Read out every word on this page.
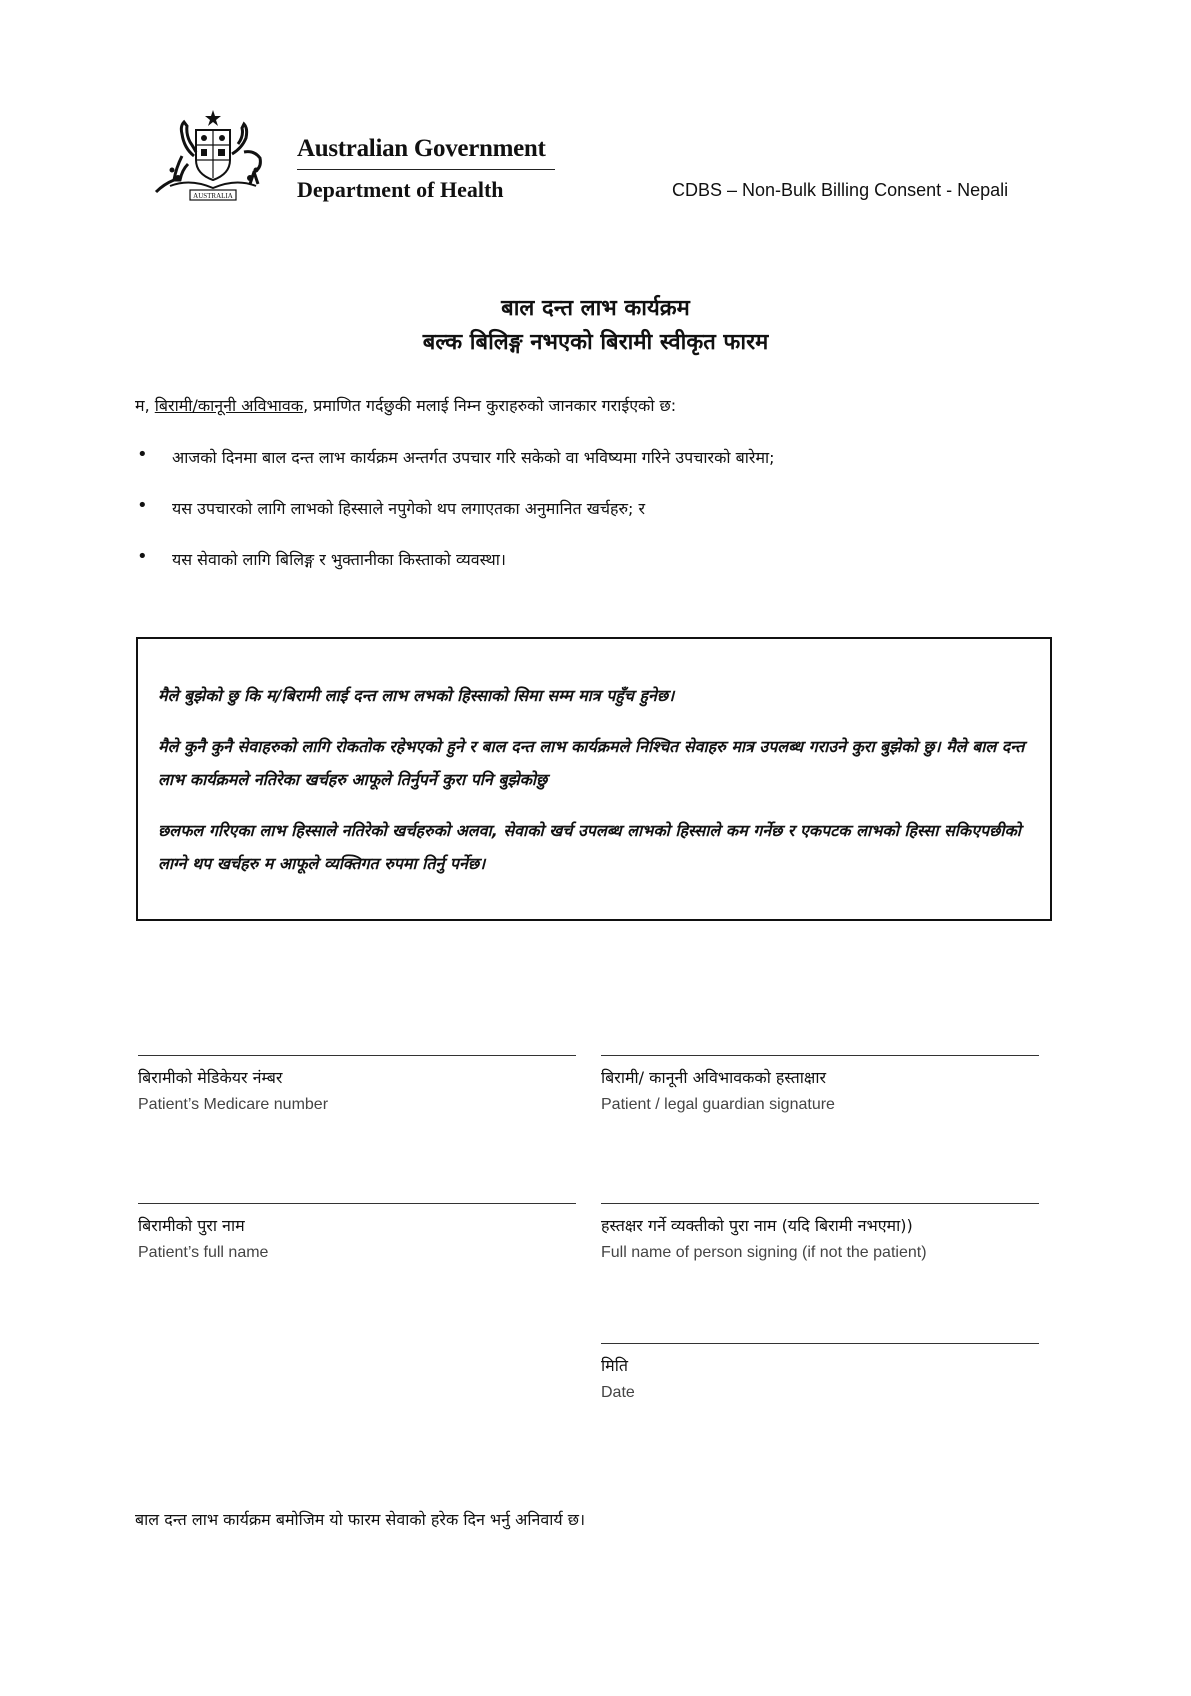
AUSTRALIA
Australian Government
Department of Health	CDBS – Non-Bulk Billing Consent - Nepali
बाल दन्त लाभ कार्यक्रम
बल्क बिलिङ्ग नभएको बिरामी स्वीकृत फारम
म, बिरामी/कानूनी अविभावक, प्रमाणित गर्दछुकी मलाई निम्न कुराहरुको जानकार गराईएको छ:
• आजको दिनमा बाल दन्त लाभ कार्यक्रम अन्तर्गत उपचार गरि सकेको वा भविष्यमा गरिने उपचारको बारेमा;
• यस उपचारको लागि लाभको हिस्साले नपुगेको थप लगाएतका अनुमानित खर्चहरु; र
• यस सेवाको लागि बिलिङ्ग र भुक्तानीका किस्ताको व्यवस्था।

मैले बुझेको छु कि म/बिरामी लाई दन्त लाभ लभको हिस्साको सिमा सम्म मात्र पहुँच हुनेछ।

मैले कुनै कुनै सेवाहरुको लागि रोकतोक रहेभएको हुने र बाल दन्त लाभ कार्यक्रमले निश्चित सेवाहरु मात्र उपलब्ध गराउने कुरा बुझेको छु। मैले बाल दन्त लाभ कार्यक्रमले नतिरेका खर्चहरु आफूले तिर्नुपर्ने कुरा पनि बुझेकोछु

छलफल गरिएका लाभ हिस्साले नतिरेको खर्चहरुको अलवा, सेवाको खर्च उपलब्ध लाभको हिस्साले कम गर्नेछ र एकपटक लाभको हिस्सा सकिएपछीको लाग्ने थप खर्चहरु म आफूले व्यक्तिगत रुपमा तिर्नु पर्नेछ।

बिरामीको मेडिकेयर नंम्बर
Patient’s Medicare number
बिरामी/ कानूनी अविभावकको हस्ताक्षार
Patient / legal guardian signature
बिरामीको पुरा नाम
Patient’s full name
हस्तक्षर गर्ने व्यक्तीको पुरा नाम (यदि बिरामी नभएमा))
Full name of person signing (if not the patient)
मिति
Date
बाल दन्त लाभ कार्यक्रम बमोजिम यो फारम सेवाको हरेक दिन भर्नु अनिवार्य छ।
